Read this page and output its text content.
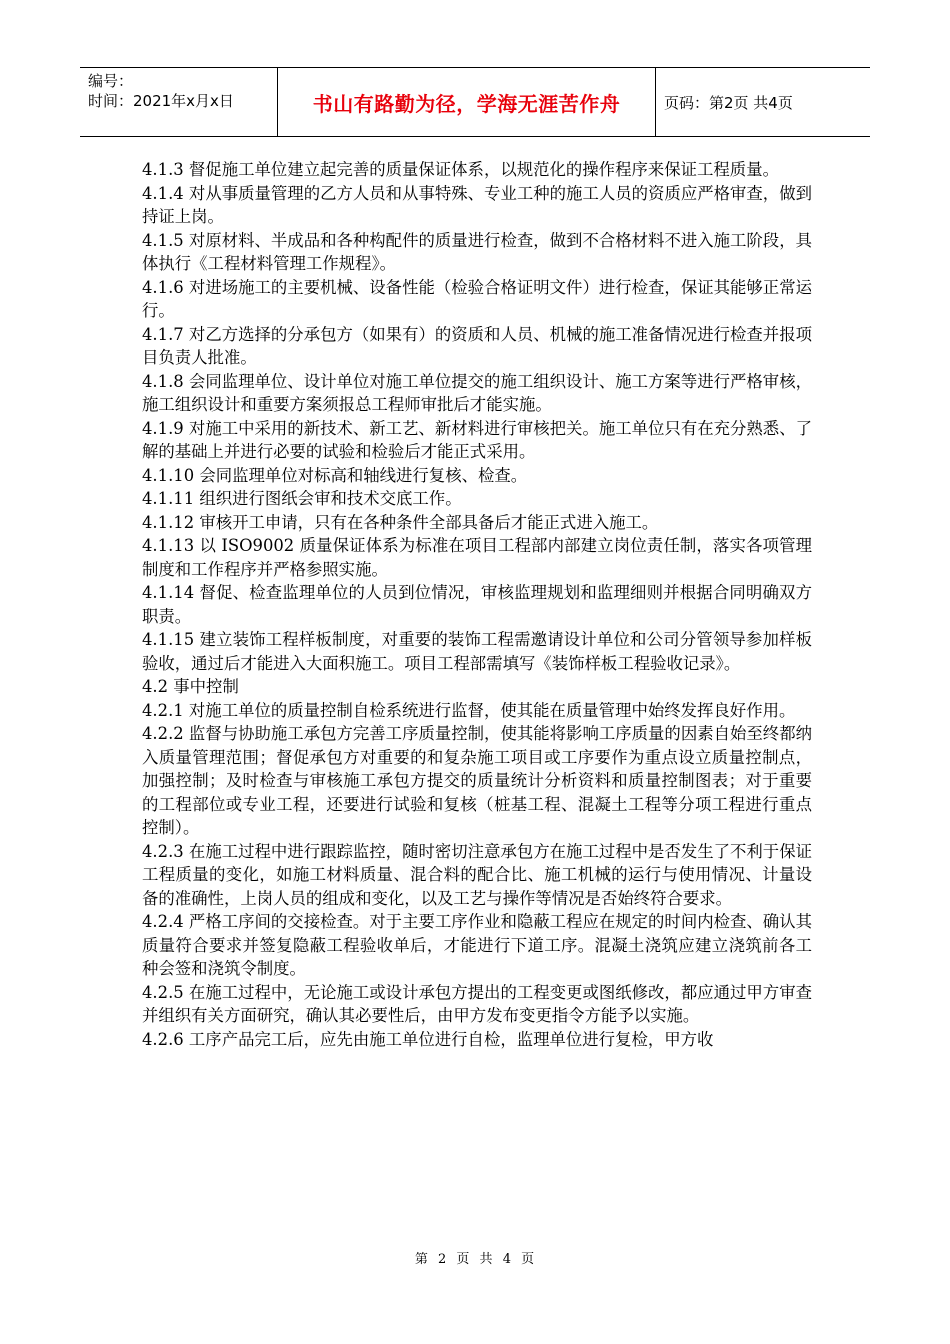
编号：
时间：2021年x月x日	书山有路勤为径，学海无涯苦作舟	页码：第2页 共4页

4.1.3 督促施工单位建立起完善的质量保证体系，以规范化的操作程序来保证工程质量。

4.1.4 对从事质量管理的乙方人员和从事特殊、专业工种的施工人员的资质应严格审查，做到持证上岗。

4.1.5 对原材料、半成品和各种构配件的质量进行检查，做到不合格材料不进入施工阶段，具体执行《工程材料管理工作规程》。

4.1.6 对进场施工的主要机械、设备性能（检验合格证明文件）进行检查，保证其能够正常运行。

4.1.7 对乙方选择的分承包方（如果有）的资质和人员、机械的施工准备情况进行检查并报项目负责人批准。

4.1.8 会同监理单位、设计单位对施工单位提交的施工组织设计、施工方案等进行严格审核，施工组织设计和重要方案须报总工程师审批后才能实施。

4.1.9 对施工中采用的新技术、新工艺、新材料进行审核把关。施工单位只有在充分熟悉、了解的基础上并进行必要的试验和检验后才能正式采用。

4.1.10 会同监理单位对标高和轴线进行复核、检查。

4.1.11 组织进行图纸会审和技术交底工作。

4.1.12 审核开工申请，只有在各种条件全部具备后才能正式进入施工。

4.1.13 以 ISO9002 质量保证体系为标准在项目工程部内部建立岗位责任制，落实各项管理制度和工作程序并严格参照实施。

4.1.14 督促、检查监理单位的人员到位情况，审核监理规划和监理细则并根据合同明确双方职责。

4.1.15 建立装饰工程样板制度，对重要的装饰工程需邀请设计单位和公司分管领导参加样板验收，通过后才能进入大面积施工。项目工程部需填写《装饰样板工程验收记录》。

4.2 事中控制

4.2.1 对施工单位的质量控制自检系统进行监督，使其能在质量管理中始终发挥良好作用。

4.2.2 监督与协助施工承包方完善工序质量控制，使其能将影响工序质量的因素自始至终都纳入质量管理范围；督促承包方对重要的和复杂施工项目或工序要作为重点设立质量控制点，加强控制；及时检查与审核施工承包方提交的质量统计分析资料和质量控制图表；对于重要的工程部位或专业工程，还要进行试验和复核（桩基工程、混凝土工程等分项工程进行重点控制）。

4.2.3 在施工过程中进行跟踪监控，随时密切注意承包方在施工过程中是否发生了不利于保证工程质量的变化，如施工材料质量、混合料的配合比、施工机械的运行与使用情况、计量设备的准确性，上岗人员的组成和变化，以及工艺与操作等情况是否始终符合要求。

4.2.4 严格工序间的交接检查。对于主要工序作业和隐蔽工程应在规定的时间内检查、确认其质量符合要求并签复隐蔽工程验收单后，才能进行下道工序。混凝土浇筑应建立浇筑前各工种会签和浇筑令制度。

4.2.5 在施工过程中，无论施工或设计承包方提出的工程变更或图纸修改，都应通过甲方审查并组织有关方面研究，确认其必要性后，由甲方发布变更指令方能予以实施。

4.2.6 工序产品完工后，应先由施工单位进行自检，监理单位进行复检，甲方收

第 2 页 共 4 页
